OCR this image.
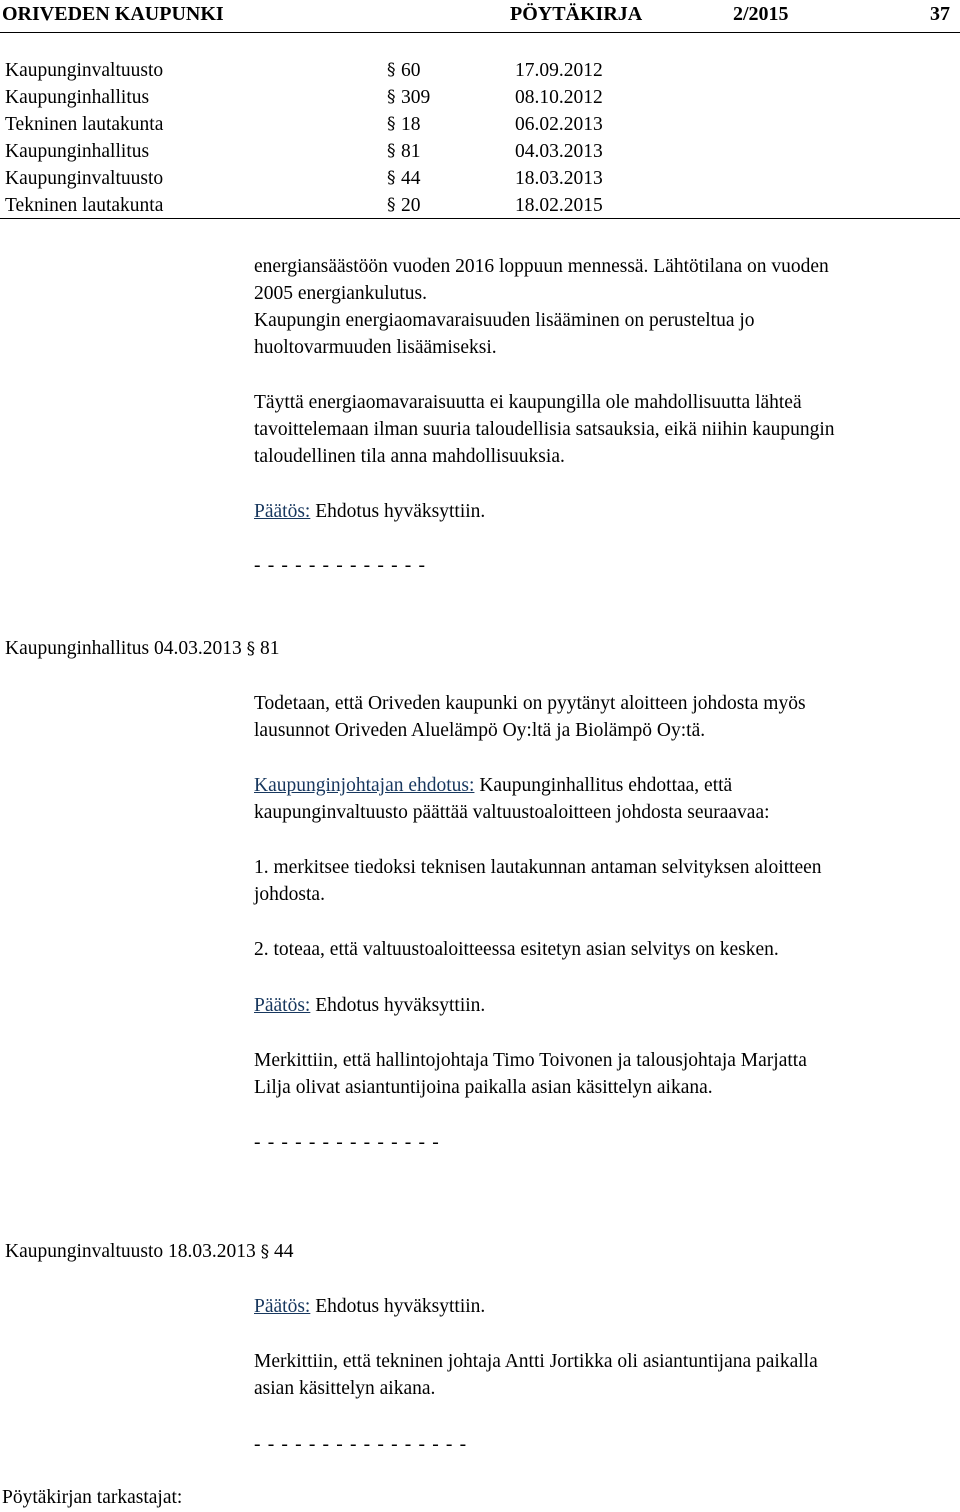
ORIVEDEN KAUPUNKI	PÖYTÄKIRJA	2/2015	37
Kaupunginvaltuusto	§ 60	17.09.2012
Kaupunginhallitus	§ 309	08.10.2012
Tekninen lautakunta	§ 18	06.02.2013
Kaupunginhallitus	§ 81	04.03.2013
Kaupunginvaltuusto	§ 44	18.03.2013
Tekninen lautakunta	§ 20	18.02.2015
energiansäästöön vuoden 2016 loppuun mennessä. Lähtötilana on vuoden
2005 energiankulutus.
Kaupungin energiaomavaraisuuden lisääminen on perusteltua jo
huoltovarmuuden lisäämiseksi.
Täyttä energiaomavaraisuutta ei kaupungilla ole mahdollisuutta lähteä
tavoittelemaan ilman suuria taloudellisia satsauksia, eikä niihin kaupungin
taloudellinen tila anna mahdollisuuksia.
Päätös: Ehdotus hyväksyttiin.
- - - - - - - - - - - - -
Kaupunginhallitus 04.03.2013 § 81
Todetaan, että Oriveden kaupunki on pyytänyt aloitteen johdosta myös
lausunnot Oriveden Aluelämpö Oy:ltä ja Biolämpö Oy:tä.
Kaupunginjohtajan ehdotus: Kaupunginhallitus ehdottaa, että
kaupunginvaltuusto päättää valtuustoaloitteen johdosta seuraavaa:
1. merkitsee tiedoksi teknisen lautakunnan antaman selvityksen aloitteen
johdosta.
2. toteaa, että valtuustoaloitteessa esitetyn asian selvitys on kesken.
Päätös: Ehdotus hyväksyttiin.
Merkittiin, että hallintojohtaja Timo Toivonen ja talousjohtaja Marjatta
Lilja olivat asiantuntijoina paikalla asian käsittelyn aikana.
- - - - - - - - - - - - - -
Kaupunginvaltuusto 18.03.2013 § 44
Päätös: Ehdotus hyväksyttiin.
Merkittiin, että tekninen johtaja Antti Jortikka oli asiantuntijana paikalla
asian käsittelyn aikana.
- - - - - - - - - - - - - - - -
Pöytäkirjan tarkastajat:
